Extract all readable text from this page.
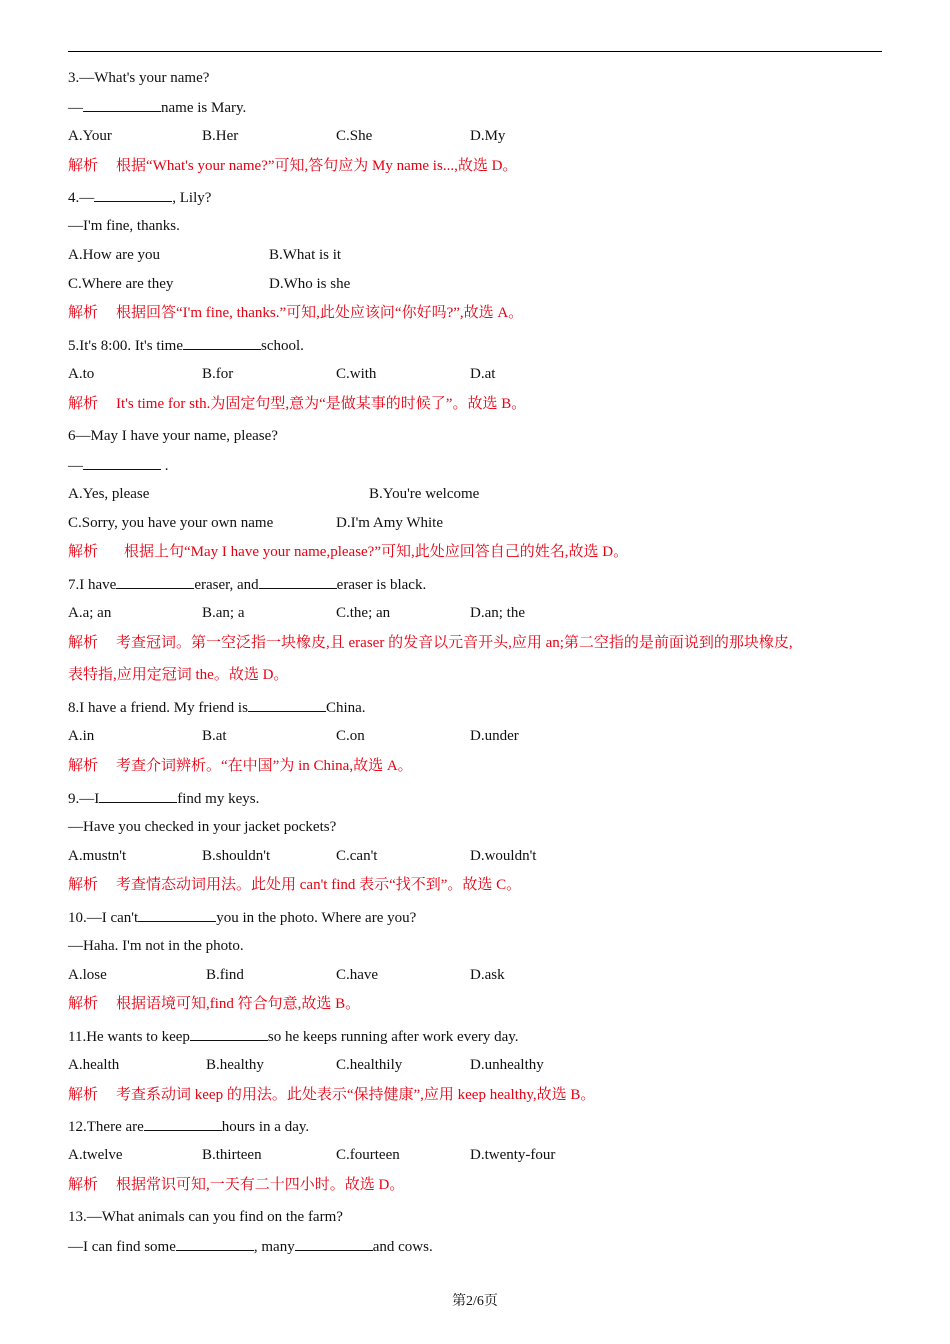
3.—What's your name?
—	name is Mary.
A.Your	B.Her	C.She	D.My
解析 根据“What's your name?”可知,答句应为 My name is...,故选 D。
4.—	, Lily?
—I'm fine, thanks.
A.How are you	B.What is it
C.Where are they	D.Who is she
解析 根据回答“I'm fine, thanks.”可知,此处应该问“你好吗?”,故选 A。
5.It's 8:00. It's time	school.
A.to	B.for	C.with	D.at
解析 It's time for sth.为固定句型,意为“是做某事的时候了”。故选 B。
6—May I have your name, please?
—	.
A.Yes, please	B.You're welcome
C.Sorry, you have your own name	D.I'm Amy White
解析 根据上句“May I have your name,please?”可知,此处应回答自己的姓名,故选 D。
7.I have	eraser, and	eraser is black.
A.a; an	B.an; a	C.the; an	D.an; the
解析 考查冠词。第一空泛指一块橡皮,且 eraser 的发音以元音开头,应用 an;第二空指的是前面说到的那块橡皮,
表特指,应用定冠词 the。故选 D。
8.I have a friend. My friend is	China.
A.in	B.at	C.on	D.under
解析 考查介词辨析。“在中国”为 in China,故选 A。
9.—I	find my keys.
—Have you checked in your jacket pockets?
A.mustn't	B.shouldn't	C.can't	D.wouldn't
解析 考查情态动词用法。此处用 can't find 表示“找不到”。故选 C。
10.—I can't	you in the photo. Where are you?
—Haha. I'm not in the photo.
A.lose	B.find	C.have	D.ask
解析 根据语境可知,find 符合句意,故选 B。
11.He wants to keep	so he keeps running after work every day.
A.health	B.healthy	C.healthily	D.unhealthy
解析 考查系动词 keep 的用法。此处表示“保持健康”,应用 keep healthy,故选 B。
12.There are	hours in a day.
A.twelve	B.thirteen	C.fourteen	D.twenty-four
解析 根据常识可知,一天有二十四小时。故选 D。
13.—What animals can you find on the farm?
—I can find some	, many	and cows.
第2/6页
